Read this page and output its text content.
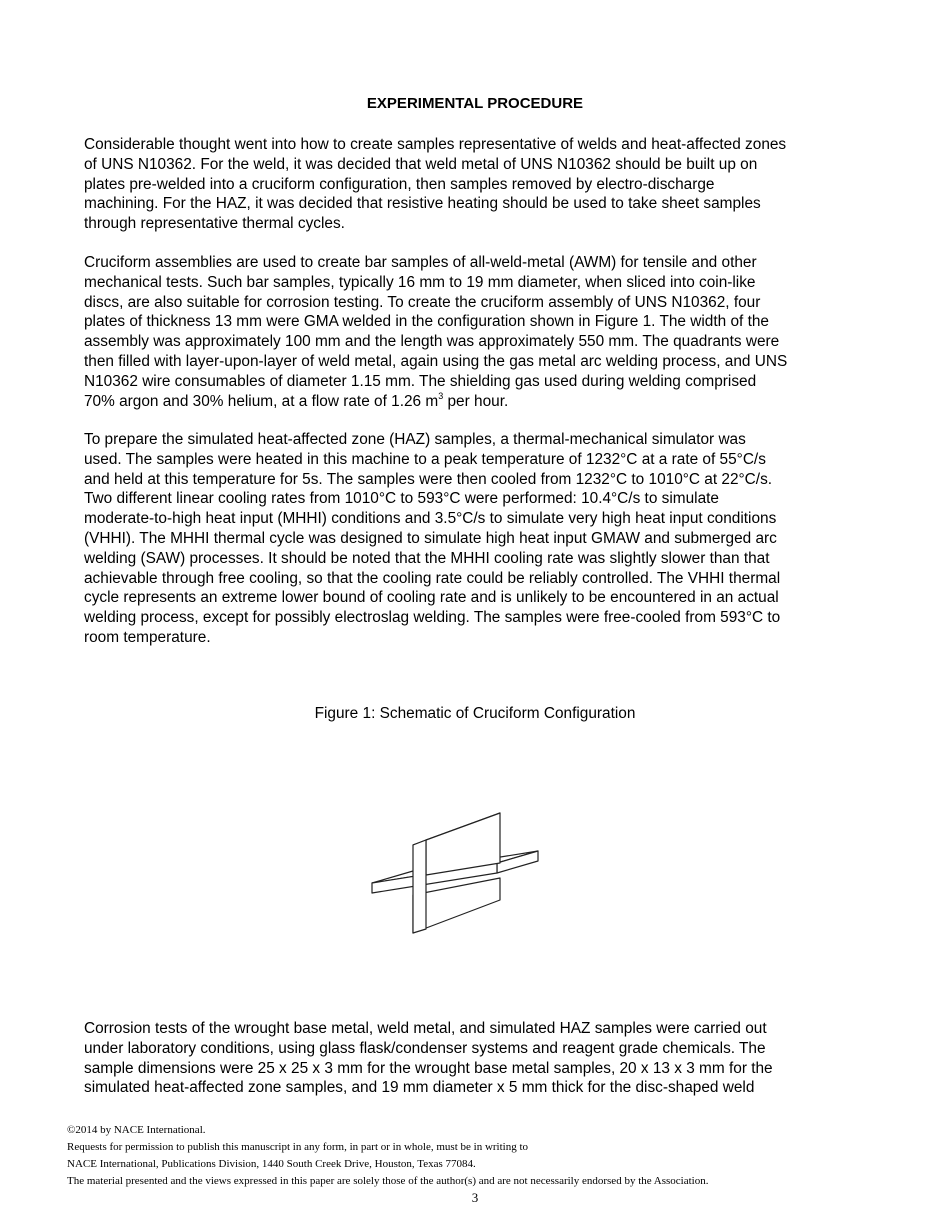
EXPERIMENTAL PROCEDURE

Considerable thought went into how to create samples representative of welds and heat-affected zones
of UNS N10362. For the weld, it was decided that weld metal of UNS N10362 should be built up on
plates pre-welded into a cruciform configuration, then samples removed by electro-discharge
machining. For the HAZ, it was decided that resistive heating should be used to take sheet samples
through representative thermal cycles.

Cruciform assemblies are used to create bar samples of all-weld-metal (AWM) for tensile and other
mechanical tests. Such bar samples, typically 16 mm to 19 mm diameter, when sliced into coin-like
discs, are also suitable for corrosion testing. To create the cruciform assembly of UNS N10362, four
plates of thickness 13 mm were GMA welded in the configuration shown in Figure 1. The width of the
assembly was approximately 100 mm and the length was approximately 550 mm. The quadrants were
then filled with layer-upon-layer of weld metal, again using the gas metal arc welding process, and UNS
N10362 wire consumables of diameter 1.15 mm. The shielding gas used during welding comprised
70% argon and 30% helium, at a flow rate of 1.26 $m^3$ per hour.

To prepare the simulated heat-affected zone (HAZ) samples, a thermal-mechanical simulator was
used. The samples were heated in this machine to a peak temperature of 1232°C at a rate of 55°C/s
and held at this temperature for 5s. The samples were then cooled from 1232°C to 1010°C at 22°C/s.
Two different linear cooling rates from 1010°C to 593°C were performed: 10.4°C/s to simulate
moderate-to-high heat input (MHHI) conditions and 3.5°C/s to simulate very high heat input conditions
(VHHI). The MHHI thermal cycle was designed to simulate high heat input GMAW and submerged arc
welding (SAW) processes. It should be noted that the MHHI cooling rate was slightly slower than that
achievable through free cooling, so that the cooling rate could be reliably controlled. The VHHI thermal
cycle represents an extreme lower bound of cooling rate and is unlikely to be encountered in an actual
welding process, except for possibly electroslag welding. The samples were free-cooled from 593°C to
room temperature.

Figure 1: Schematic of Cruciform Configuration

Corrosion tests of the wrought base metal, weld metal, and simulated HAZ samples were carried out
under laboratory conditions, using glass flask/condenser systems and reagent grade chemicals. The
sample dimensions were 25 x 25 x 3 mm for the wrought base metal samples, 20 x 13 x 3 mm for the
simulated heat-affected zone samples, and 19 mm diameter x 5 mm thick for the disc-shaped weld

©2014 by NACE International.
Requests for permission to publish this manuscript in any form, in part or in whole, must be in writing to
NACE International, Publications Division, 1440 South Creek Drive, Houston, Texas 77084.
The material presented and the views expressed in this paper are solely those of the author(s) and are not necessarily endorsed by the Association.
3
